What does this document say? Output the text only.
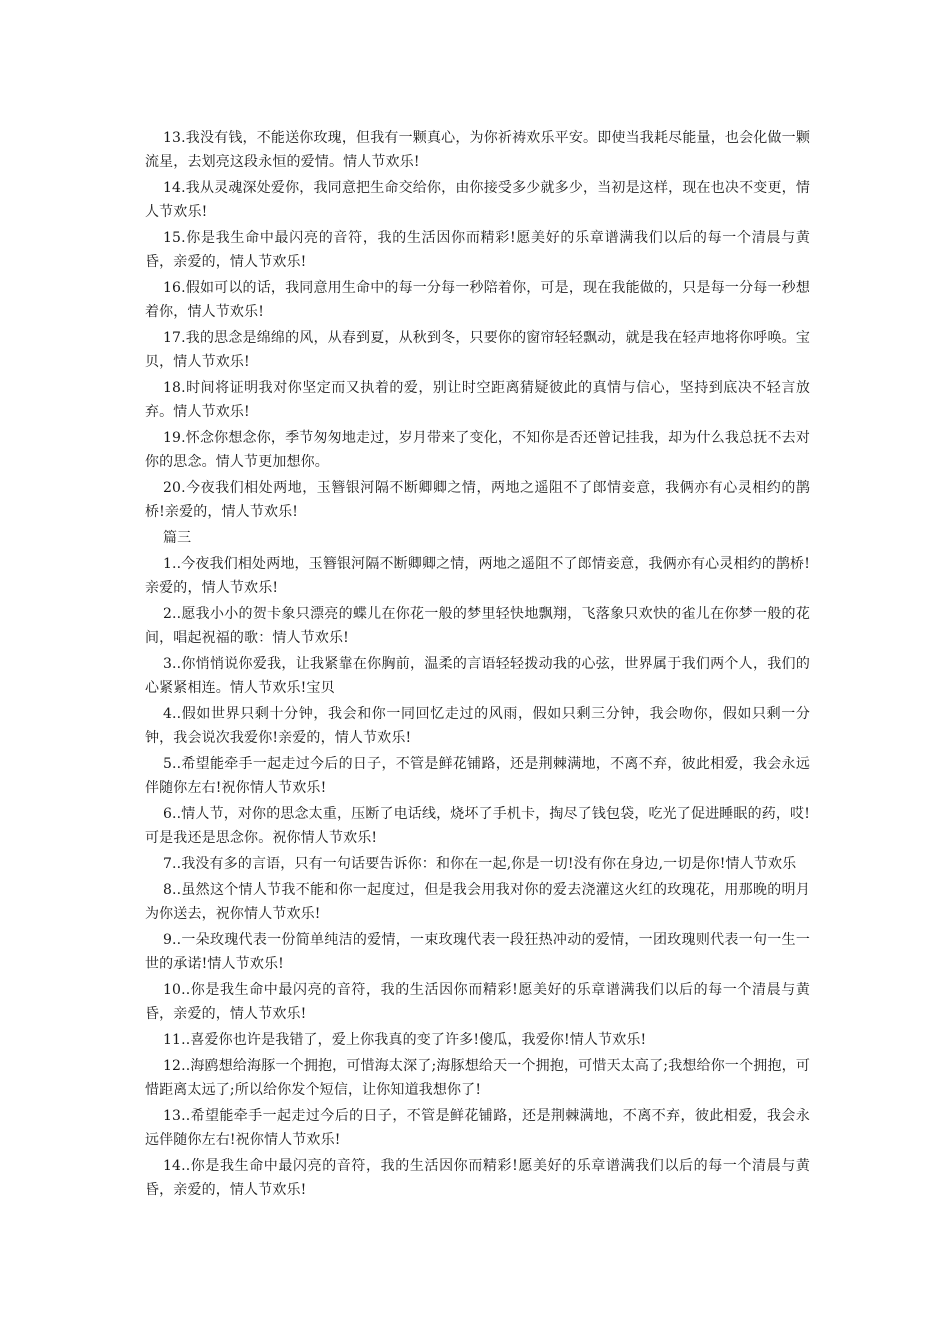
13.我没有钱，不能送你玫瑰，但我有一颗真心，为你祈祷欢乐平安。即使当我耗尽能量，也会化做一颗流星，去划亮这段永恒的爱情。情人节欢乐!

14.我从灵魂深处爱你，我同意把生命交给你，由你接受多少就多少，当初是这样，现在也决不变更，情人节欢乐!

15.你是我生命中最闪亮的音符，我的生活因你而精彩!愿美好的乐章谱满我们以后的每一个清晨与黄昏，亲爱的，情人节欢乐!

16.假如可以的话，我同意用生命中的每一分每一秒陪着你，可是，现在我能做的，只是每一分每一秒想着你，情人节欢乐!

17.我的思念是绵绵的风，从春到夏，从秋到冬，只要你的窗帘轻轻飘动，就是我在轻声地将你呼唤。宝贝，情人节欢乐!

18.时间将证明我对你坚定而又执着的爱，别让时空距离猜疑彼此的真情与信心，坚持到底决不轻言放弃。情人节欢乐!

19.怀念你想念你，季节匆匆地走过，岁月带来了变化，不知你是否还曾记挂我，却为什么我总抚不去对你的思念。情人节更加想你。

20.今夜我们相处两地，玉簪银河隔不断卿卿之情，两地之遥阻不了郎情妾意，我俩亦有心灵相约的鹊桥!亲爱的，情人节欢乐!

篇三

1..今夜我们相处两地，玉簪银河隔不断卿卿之情，两地之遥阻不了郎情妾意，我俩亦有心灵相约的鹊桥!亲爱的，情人节欢乐!

2..愿我小小的贺卡象只漂亮的蝶儿在你花一般的梦里轻快地飘翔，飞落象只欢快的雀儿在你梦一般的花间，唱起祝福的歌：情人节欢乐!

3..你悄悄说你爱我，让我紧靠在你胸前，温柔的言语轻轻拨动我的心弦，世界属于我们两个人，我们的心紧紧相连。情人节欢乐!宝贝

4..假如世界只剩十分钟，我会和你一同回忆走过的风雨，假如只剩三分钟，我会吻你，假如只剩一分钟，我会说次我爱你!亲爱的，情人节欢乐!

5..希望能牵手一起走过今后的日子，不管是鲜花铺路，还是荆棘满地，不离不弃，彼此相爱，我会永远伴随你左右!祝你情人节欢乐!

6..情人节，对你的思念太重，压断了电话线，烧坏了手机卡，掏尽了钱包袋，吃光了促进睡眠的药，哎!可是我还是思念你。祝你情人节欢乐!

7..我没有多的言语，只有一句话要告诉你：和你在一起,你是一切!没有你在身边,一切是你!情人节欢乐

8..虽然这个情人节我不能和你一起度过，但是我会用我对你的爱去浇灌这火红的玫瑰花，用那晚的明月为你送去，祝你情人节欢乐!

9..一朵玫瑰代表一份简单纯洁的爱情，一束玫瑰代表一段狂热冲动的爱情，一团玫瑰则代表一句一生一世的承诺!情人节欢乐!

10..你是我生命中最闪亮的音符，我的生活因你而精彩!愿美好的乐章谱满我们以后的每一个清晨与黄昏，亲爱的，情人节欢乐!

11..喜爱你也许是我错了，爱上你我真的变了许多!傻瓜，我爱你!情人节欢乐!

12..海鸥想给海豚一个拥抱，可惜海太深了;海豚想给天一个拥抱，可惜天太高了;我想给你一个拥抱，可惜距离太远了;所以给你发个短信，让你知道我想你了!

13..希望能牵手一起走过今后的日子，不管是鲜花铺路，还是荆棘满地，不离不弃，彼此相爱，我会永远伴随你左右!祝你情人节欢乐!

14..你是我生命中最闪亮的音符，我的生活因你而精彩!愿美好的乐章谱满我们以后的每一个清晨与黄昏，亲爱的，情人节欢乐!
